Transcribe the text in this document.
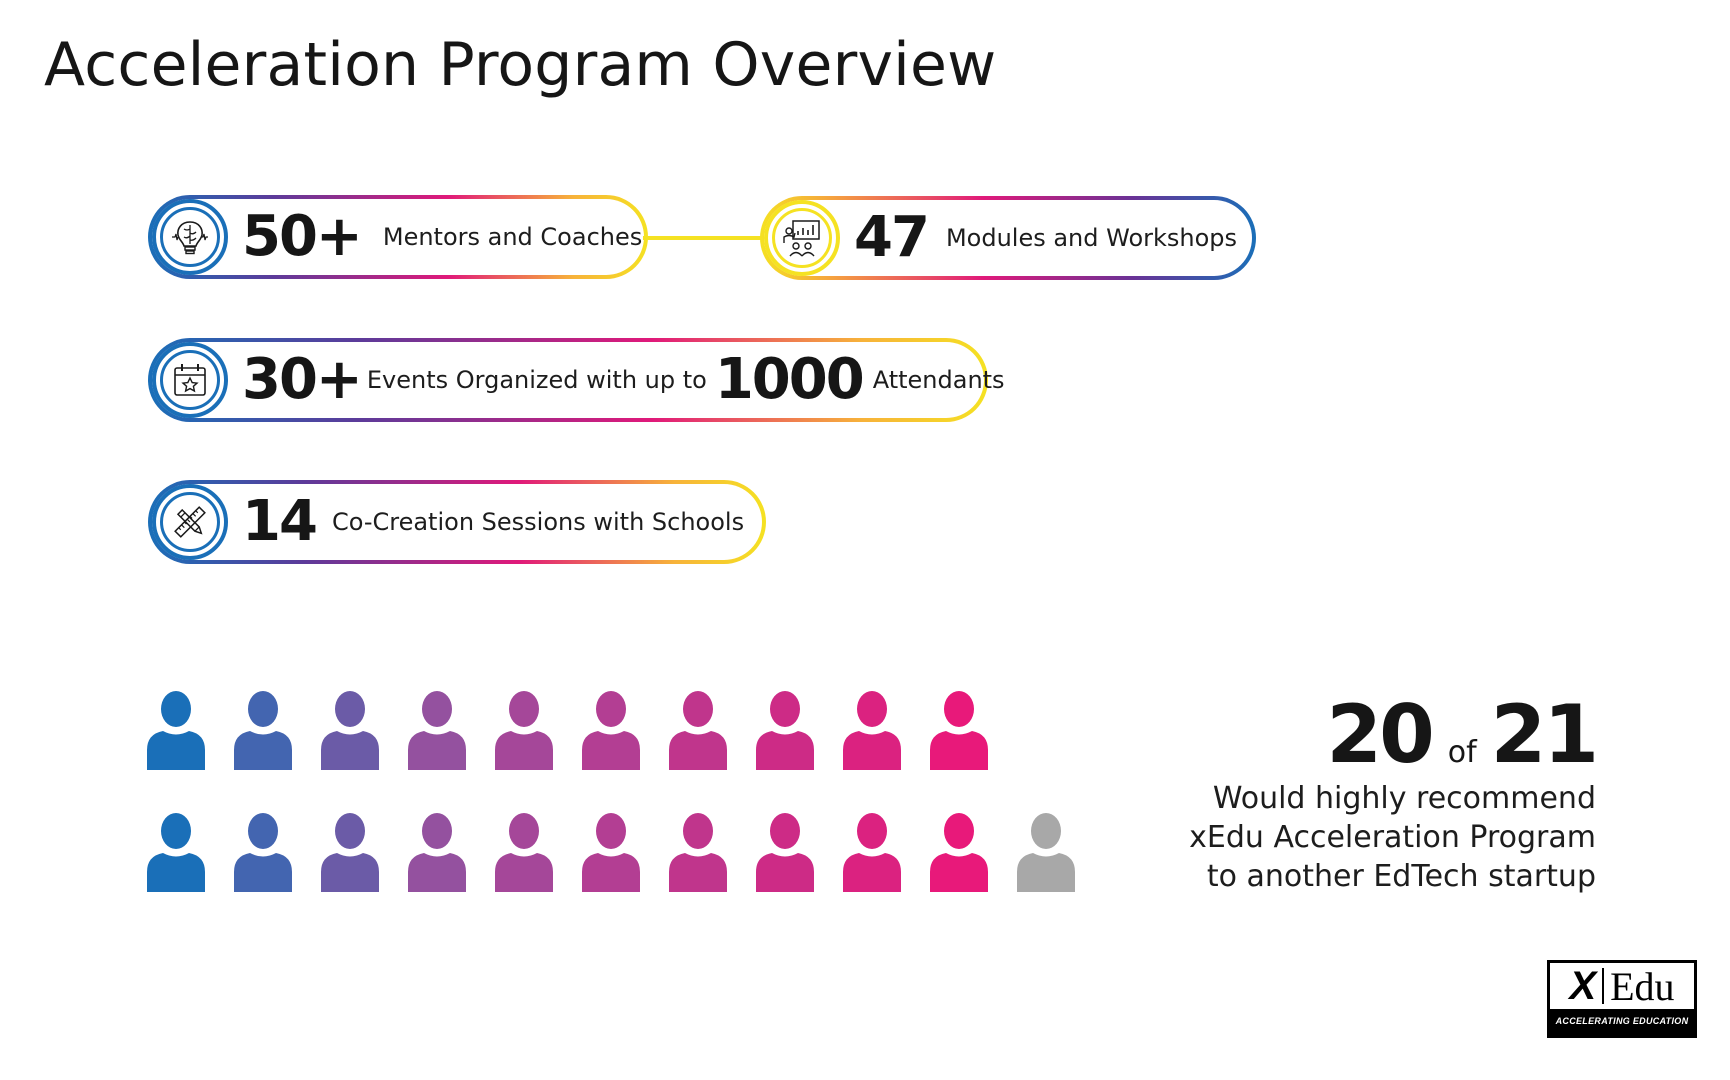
Acceleration Program Overview
50+ Mentors and Coaches	47 Modules and Workshops
30+ Events Organized with up to 1000 Attendants
14 Co-Creation Sessions with Schools
20 of 21
Would highly recommend
xEdu Acceleration Program
to another EdTech startup
X Edu
ACCELERATING EDUCATION
